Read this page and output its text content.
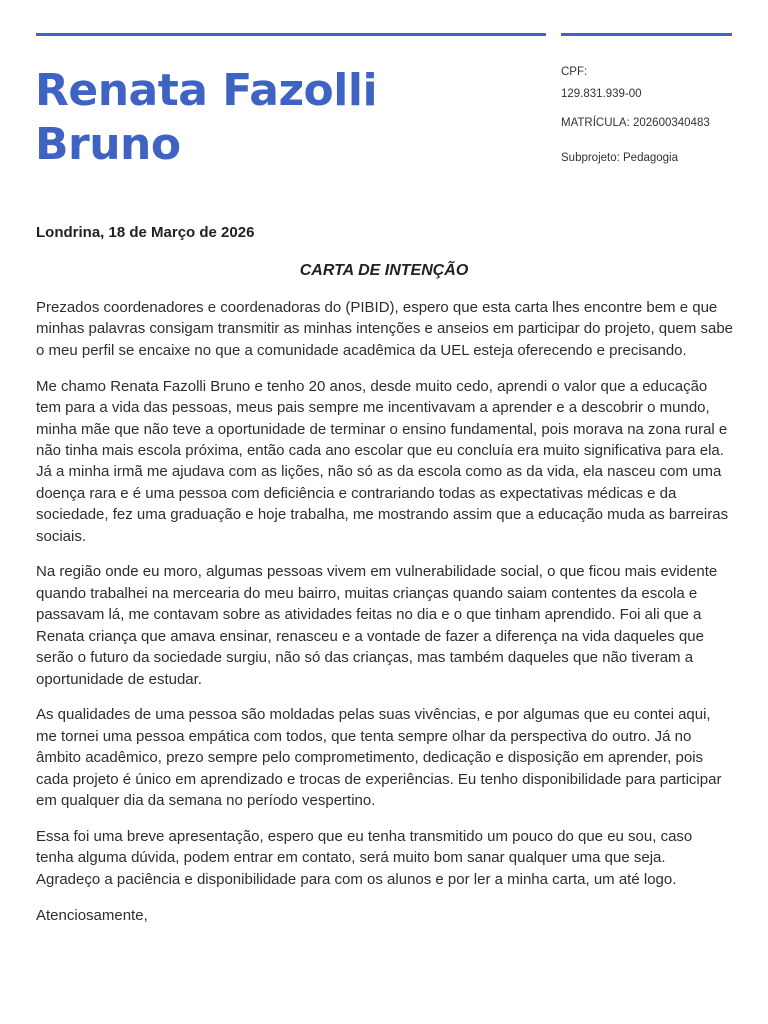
Renata Fazolli
Bruno
CPF:
129.831.939-00
MATRÍCULA: 202600340483
Subprojeto: Pedagogia
Londrina, 18 de Março de 2026
CARTA DE INTENÇÃO

Prezados coordenadores e coordenadoras do (PIBID), espero que esta carta lhes encontre bem e que minhas palavras consigam transmitir as minhas intenções e anseios em participar do projeto, quem sabe o meu perfil se encaixe no que a comunidade acadêmica da UEL esteja oferecendo e precisando.

Me chamo Renata Fazolli Bruno e tenho 20 anos, desde muito cedo, aprendi o valor que a educação tem para a vida das pessoas, meus pais sempre me incentivavam a aprender e a descobrir o mundo, minha mãe que não teve a oportunidade de terminar o ensino fundamental, pois morava na zona rural e não tinha mais escola próxima, então cada ano escolar que eu concluía era muito significativa para ela. Já a minha irmã me ajudava com as lições, não só as da escola como as da vida, ela nasceu com uma doença rara e é uma pessoa com deficiência e contrariando todas as expectativas médicas e da sociedade, fez uma graduação e hoje trabalha, me mostrando assim que a educação muda as barreiras sociais.

Na região onde eu moro, algumas pessoas vivem em vulnerabilidade social, o que ficou mais evidente quando trabalhei na mercearia do meu bairro, muitas crianças quando saiam contentes da escola e passavam lá, me contavam sobre as atividades feitas no dia e o que tinham aprendido. Foi ali que a Renata criança que amava ensinar, renasceu e a vontade de fazer a diferença na vida daqueles que serão o futuro da sociedade surgiu, não só das crianças, mas também daqueles que não tiveram a oportunidade de estudar.

As qualidades de uma pessoa são moldadas pelas suas vivências, e por algumas que eu contei aqui, me tornei uma pessoa empática com todos, que tenta sempre olhar da perspectiva do outro. Já no âmbito acadêmico, prezo sempre pelo comprometimento, dedicação e disposição em aprender, pois cada projeto é único em aprendizado e trocas de experiências. Eu tenho disponibilidade para participar em qualquer dia da semana no período vespertino.

Essa foi uma breve apresentação, espero que eu tenha transmitido um pouco do que eu sou, caso tenha alguma dúvida, podem entrar em contato, será muito bom sanar qualquer uma que seja. Agradeço a paciência e disponibilidade para com os alunos e por ler a minha carta, um até logo.

Atenciosamente,
